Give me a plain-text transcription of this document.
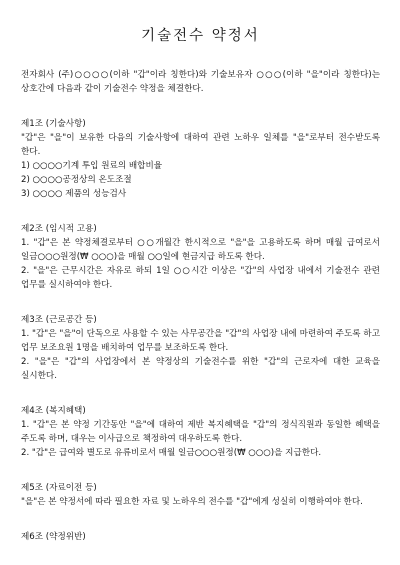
기술전수 약정서
전자회사 (주)○○○○(이하 "갑"이라 칭한다)와 기술보유자 ○○○(이하 "을"이라 칭한다)는 상호간에 다음과 같이 기술전수 약정을 체결한다.
제1조 (기술사항)
"갑"은 "을"이 보유한 다음의 기술사항에 대하여 관련 노하우 일체를 "을"로부터 전수받도록 한다.
1) ○○○○기계 투입 원료의 배합비율
2) ○○○○공정상의 온도조절
3) ○○○○ 제품의 성능검사
제2조 (임시적 고용)
1. "갑"은 본 약정체결로부터 ○○개월간 한시적으로 "을"을 고용하도록 하며 매월 급여로서 일금○○○원정(₩ ○○○)을 매월 ○○일에 현금지급 하도록 한다.
2. "을"은 근무시간은 자유로 하되 1일 ○○시간 이상은 "갑"의 사업장 내에서 기술전수 관련 업무를 실시하여야 한다.
제3조 (근로공간 등)
1. "갑"은 "을"이 단독으로 사용할 수 있는 사무공간을 "갑"의 사업장 내에 마련하여 주도록 하고 업무 보조요원 1명을 배치하여 업무를 보조하도록 한다.
2. "을"은 "갑"의 사업장에서 본 약정상의 기술전수를 위한 "갑"의 근로자에 대한 교육을 실시한다.
제4조 (복지혜택)
1. "갑"은 본 약정 기간동안 "을"에 대하여 제반 복지혜택을 "갑"의 정식직원과 동일한 혜택을 주도록 하며, 대우는 이사급으로 책정하여 대우하도록 한다.
2. "갑"은 급여와 별도로 유류비로서 매월 일금○○○원정(₩ ○○○)을 지급한다.
제5조 (자료이전 등)
"을"은 본 약정서에 따라 필요한 자료 및 노하우의 전수를 "갑"에게 성실히 이행하여야 한다.
제6조 (약정위반)
